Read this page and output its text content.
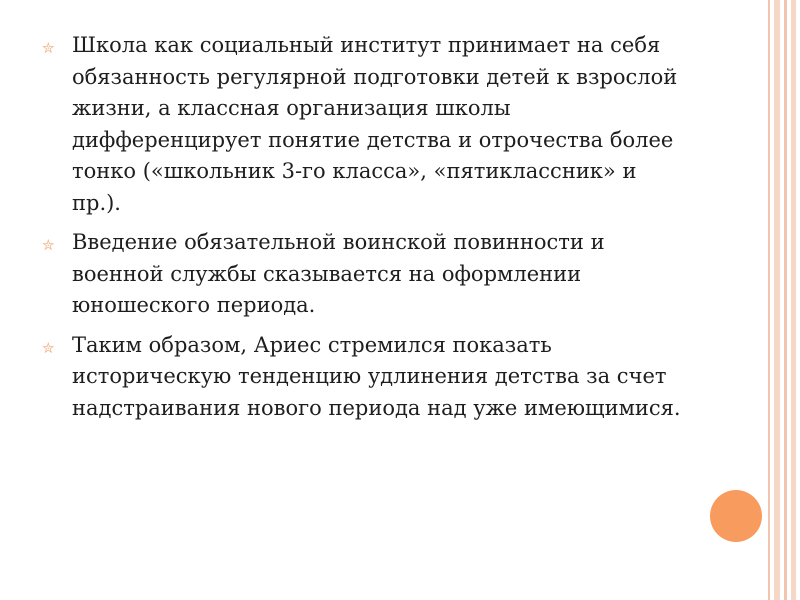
✮ Школа как социальный институт принимает на себя обязанность регулярной подготовки детей к взрослой жизни, а классная организация школы дифференцирует понятие детства и отрочества более тонко («школьник 3-го класса», «пятиклассник» и пр.).
✮ Введение обязательной воинской повинности и военной службы сказывается на оформлении юношеского периода.
✮ Таким образом, Ариес стремился показать историческую тенденцию удлинения детства за счет надстраивания нового периода над уже имеющимися.
